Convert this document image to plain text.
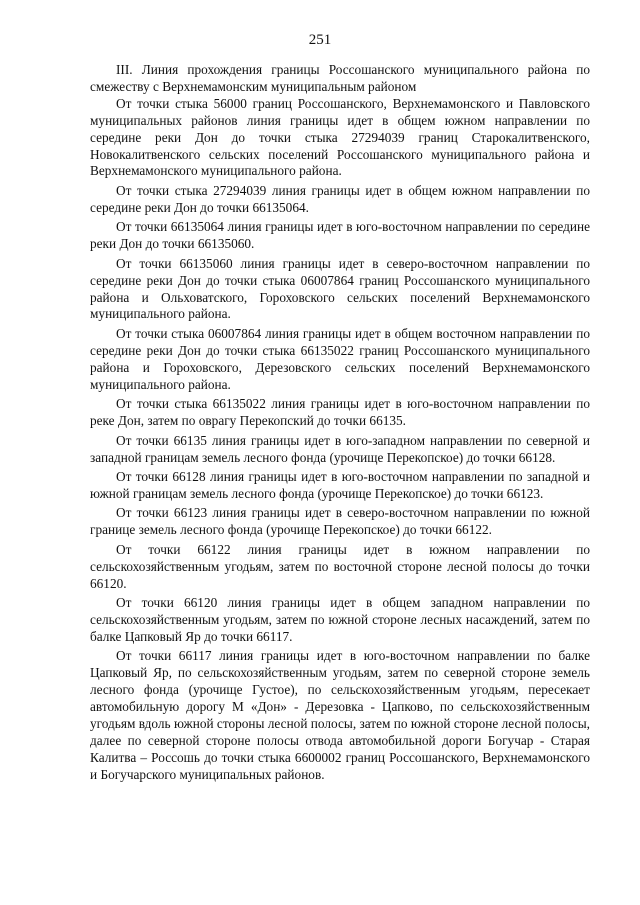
251

III. Линия прохождения границы Россошанского муниципального района по смежеству с Верхнемамонским муниципальным районом

От точки стыка 56000 границ Россошанского, Верхнемамонского и Павловского муниципальных районов линия границы идет в общем южном направлении по середине реки Дон до точки стыка 27294039 границ Старокалитвенского, Новокалитвенского сельских поселений Россошанского муниципального района и Верхнемамонского муниципального района.

От точки стыка 27294039 линия границы идет в общем южном направлении по середине реки Дон до точки 66135064.

От точки 66135064 линия границы идет в юго-восточном направлении по середине реки Дон до точки 66135060.

От точки 66135060 линия границы идет в северо-восточном направлении по середине реки Дон до точки стыка 06007864 границ Россошанского муниципального района и Ольховатского, Гороховского сельских поселений Верхнемамонского муниципального района.

От точки стыка 06007864 линия границы идет в общем восточном направлении по середине реки Дон до точки стыка 66135022 границ Россошанского муниципального района и Гороховского, Дерезовского сельских поселений Верхнемамонского муниципального района.

От точки стыка 66135022 линия границы идет в юго-восточном направлении по реке Дон, затем по оврагу Перекопский до точки 66135.

От точки 66135 линия границы идет в юго-западном направлении по северной и западной границам земель лесного фонда (урочище Перекопское) до точки 66128.

От точки 66128 линия границы идет в юго-восточном направлении по западной и южной границам земель лесного фонда (урочище Перекопское) до точки 66123.

От точки 66123 линия границы идет в северо-восточном направлении по южной границе земель лесного фонда (урочище Перекопское) до точки 66122.

От точки 66122 линия границы идет в южном направлении по сельскохозяйственным угодьям, затем по восточной стороне лесной полосы до точки 66120.

От точки 66120 линия границы идет в общем западном направлении по сельскохозяйственным угодьям, затем по южной стороне лесных насаждений, затем по балке Цапковый Яр до точки 66117.

От точки 66117 линия границы идет в юго-восточном направлении по балке Цапковый Яр, по сельскохозяйственным угодьям, затем по северной стороне земель лесного фонда (урочище Густое), по сельскохозяйственным угодьям, пересекает автомобильную дорогу М «Дон» - Дерезовка - Цапково, по сельскохозяйственным угодьям вдоль южной стороны лесной полосы, затем по южной стороне лесной полосы, далее по северной стороне полосы отвода автомобильной дороги Богучар - Старая Калитва – Россошь до точки стыка 6600002 границ Россошанского, Верхнемамонского и Богучарского муниципальных районов.
